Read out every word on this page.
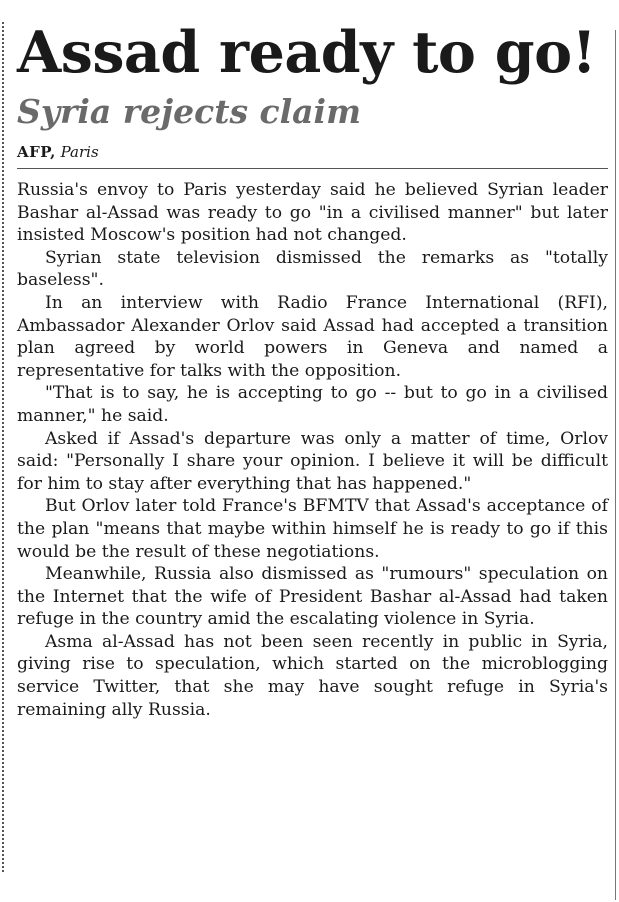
Assad ready to go!
Syria rejects claim
AFP, Paris

Russia's envoy to Paris yesterday said he believed Syrian leader Bashar al-Assad was ready to go "in a civilised manner" but later insisted Moscow's position had not changed.

Syrian state television dismissed the remarks as "totally baseless".

In an interview with Radio France International (RFI), Ambassador Alexander Orlov said Assad had accepted a transition plan agreed by world powers in Geneva and named a representative for talks with the opposition.

"That is to say, he is accepting to go -- but to go in a civilised manner," he said.

Asked if Assad's departure was only a matter of time, Orlov said: "Personally I share your opinion. I believe it will be difficult for him to stay after everything that has happened."

But Orlov later told France's BFMTV that Assad's acceptance of the plan "means that maybe within himself he is ready to go if this would be the result of these negotiations.

Meanwhile, Russia also dismissed as "rumours" speculation on the Internet that the wife of President Bashar al-Assad had taken refuge in the country amid the escalating violence in Syria.

Asma al-Assad has not been seen recently in public in Syria, giving rise to speculation, which started on the microblogging service Twitter, that she may have sought refuge in Syria's remaining ally Russia.
